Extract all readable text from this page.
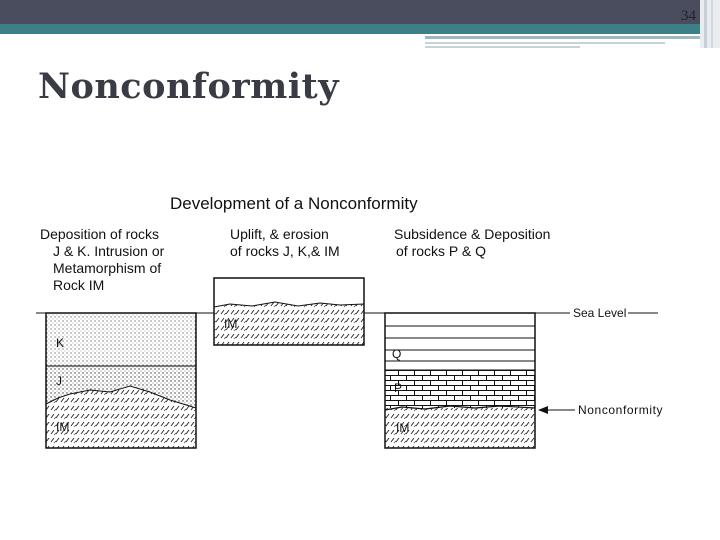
34
Nonconformity
Development of a Nonconformity
Deposition of rocks
J & K. Intrusion or
Metamorphism of
Rock IM
Uplift, & erosion
of rocks J, K,& IM
Subsidence & Deposition
of rocks P & Q
Sea Level
K
J
IM
IM
Q
P
IM
Nonconformity
